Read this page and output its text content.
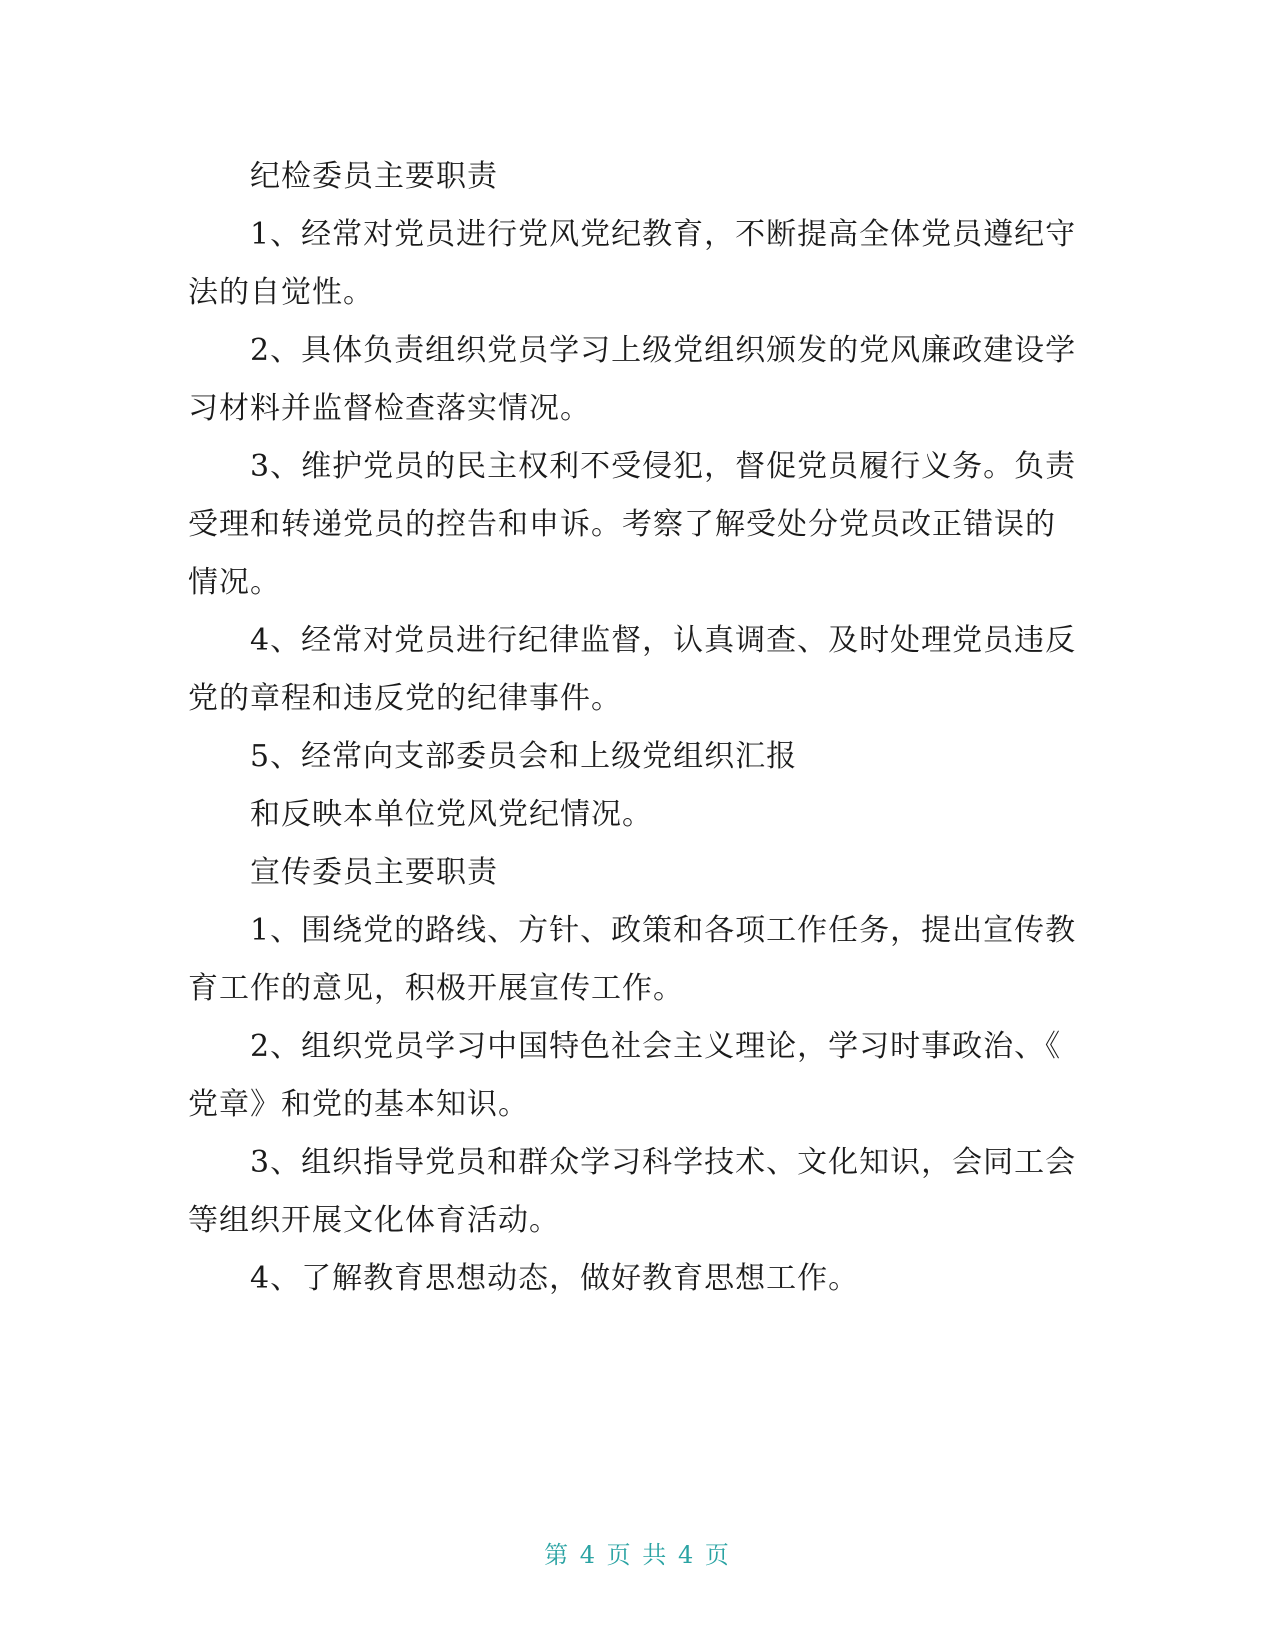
纪检委员主要职责
1、经常对党员进行党风党纪教育，不断提高全体党员遵纪守
法的自觉性。
2、具体负责组织党员学习上级党组织颁发的党风廉政建设学
习材料并监督检查落实情况。
3、维护党员的民主权利不受侵犯，督促党员履行义务。负责
受理和转递党员的控告和申诉。考察了解受处分党员改正错误的
情况。
4、经常对党员进行纪律监督，认真调查、及时处理党员违反
党的章程和违反党的纪律事件。
5、经常向支部委员会和上级党组织汇报
和反映本单位党风党纪情况。
宣传委员主要职责
1、围绕党的路线、方针、政策和各项工作任务，提出宣传教
育工作的意见，积极开展宣传工作。
2、组织党员学习中国特色社会主义理论，学习时事政治、《
党章》和党的基本知识。
3、组织指导党员和群众学习科学技术、文化知识，会同工会
等组织开展文化体育活动。
4、了解教育思想动态，做好教育思想工作。
第 4 页 共 4 页
